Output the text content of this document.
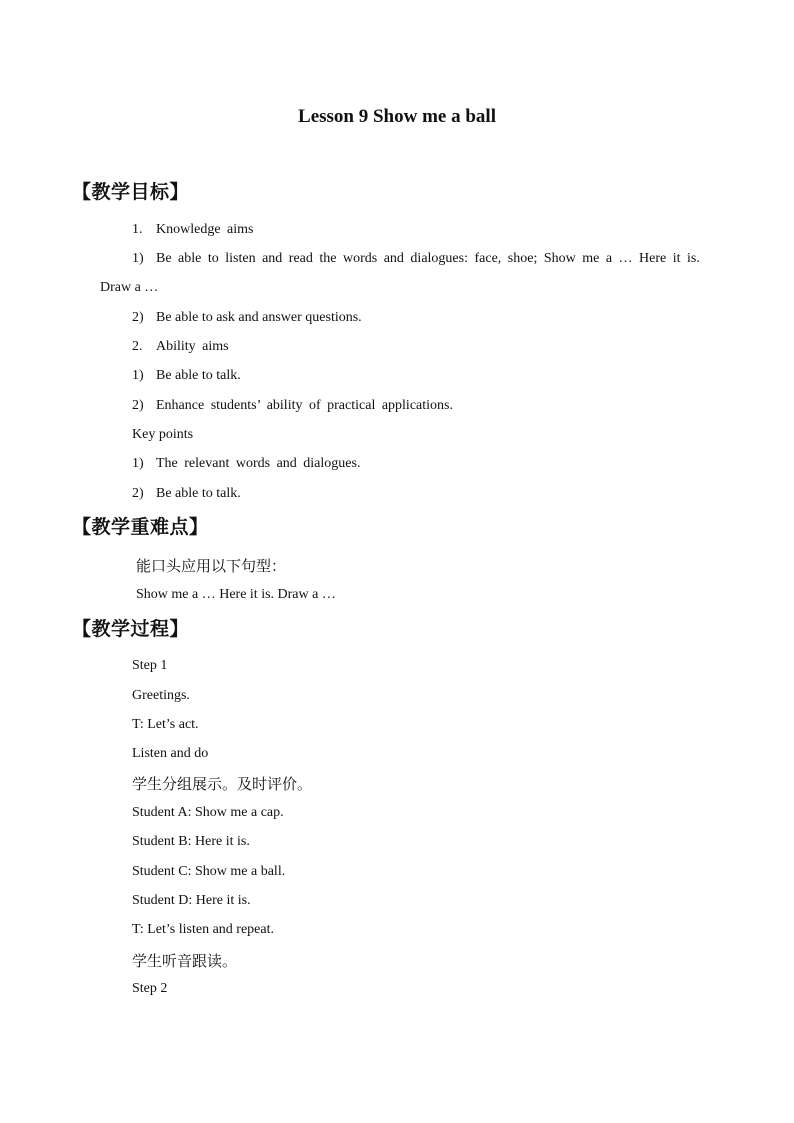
Lesson 9 Show me a ball
【教学目标】
1. Knowledge aims
1) Be able to listen and read the words and dialogues: face, shoe; Show me a … Here it is.
Draw a …
2) Be able to ask and answer questions.
2. Ability aims
1) Be able to talk.
2) Enhance students’ ability of practical applications.
Key points
1) The relevant words and dialogues.
2) Be able to talk.
【教学重难点】
能口头应用以下句型：
Show me a … Here it is. Draw a …
【教学过程】
Step 1
Greetings.
T: Let’s act.
Listen and do
学生分组展示。及时评价。
Student A: Show me a cap.
Student B: Here it is.
Student C: Show me a ball.
Student D: Here it is.
T: Let’s listen and repeat.
学生听音跟读。
Step 2
